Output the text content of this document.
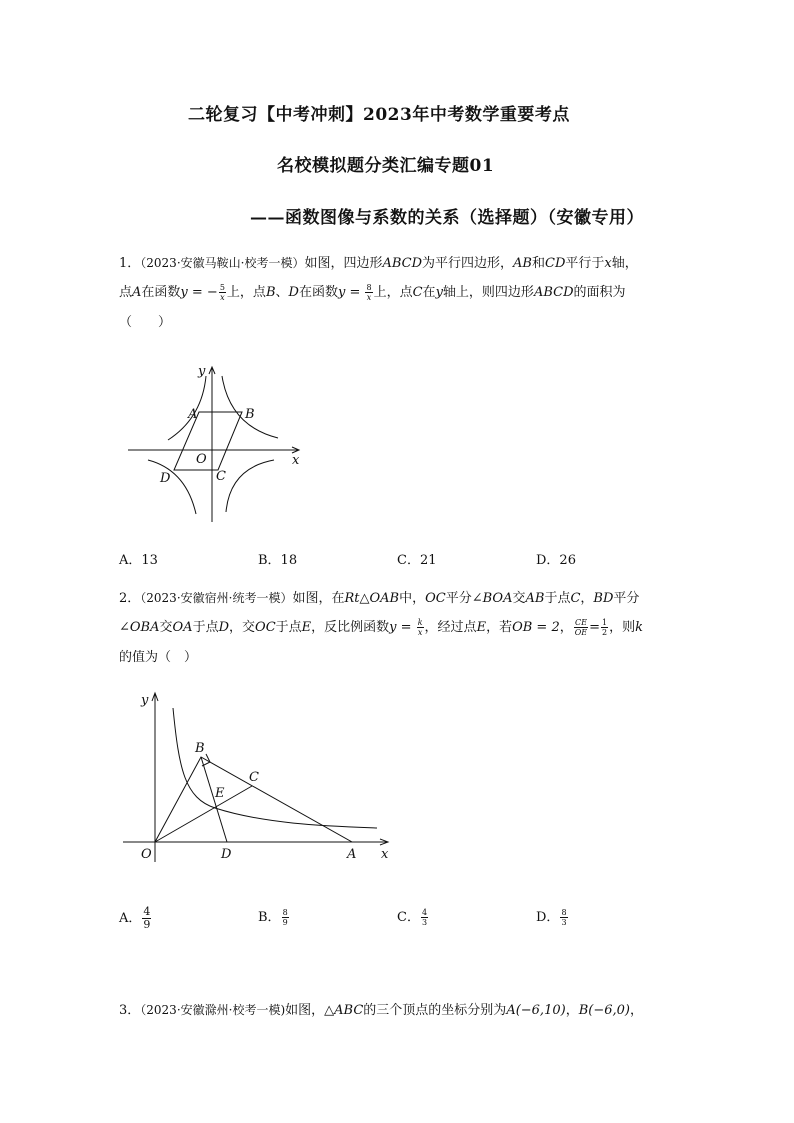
二轮复习【中考冲刺】2023年中考数学重要考点
名校模拟题分类汇编专题01
——函数图像与系数的关系（选择题）（安徽专用）
1．（2023·安徽马鞍山·校考一模）如图，四边形ABCD为平行四边形，AB和CD平行于x轴，
点A在函数y = − $\frac{5}{x}$ 上，点B、D在函数$y = \frac{8}{x}$ 上，点C在y轴上，则四边形ABCD的面积为
（　　）
y
x
A	B
O
C
D
A．13	B．18	C．21	D．26
2．（2023·安徽宿州·统考一模）如图，在Rt△OAB中，OC平分∠BOA交AB于点C，BD平分
∠OBA交OA于点D，交OC于点E，反比例函数$y = \frac{k}{x}$ ，经过点E，若OB = 2， $\frac{CE}{OE} = \frac{1}{2}$ ，则k
的值为（　）
y
x
B
C
E
O	D	A
A． $\frac{4}{9}$	B． $\frac{8}{9}$	C． $\frac{4}{3}$	D． $\frac{8}{3}$
3．（2023·安徽滁州·校考一模)如图，△ABC的三个顶点的坐标分别为A(−6,10)，B(−6,0)，
